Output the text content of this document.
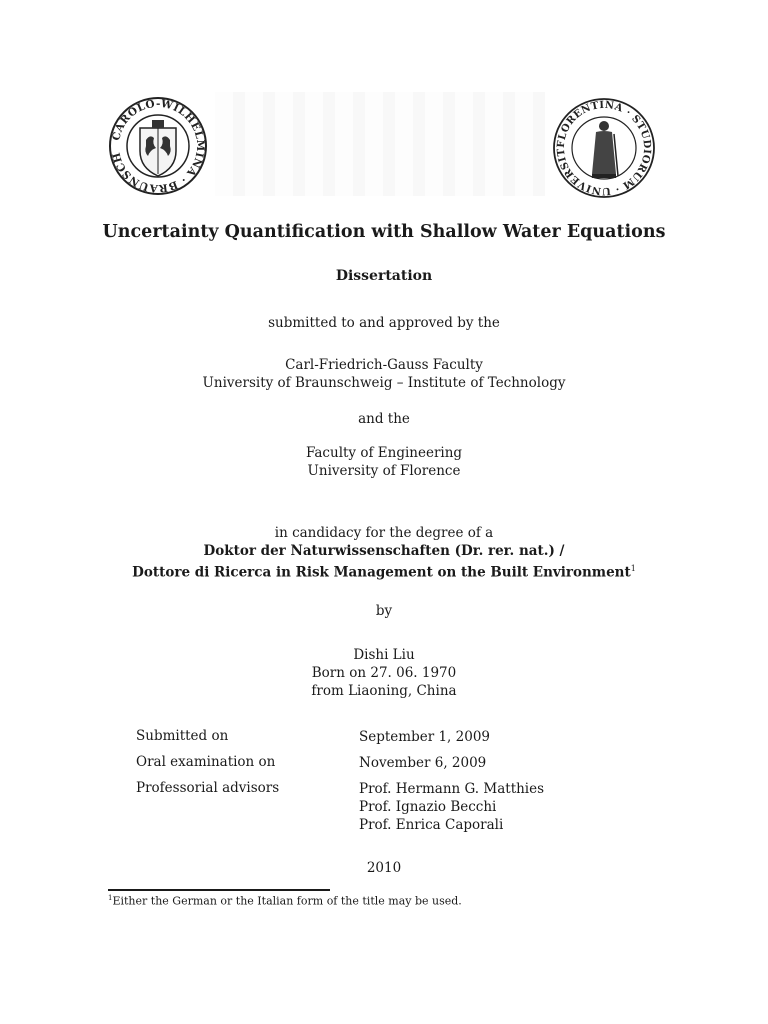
CAROLO-WILHELMINA · BRAUNSCH
FLORENTINA · STUDIORUM · UNIVERSIT
Uncertainty Quantification with Shallow Water Equations
Dissertation
submitted to and approved by the
Carl-Friedrich-Gauss Faculty
University of Braunschweig – Institute of Technology
and the
Faculty of Engineering
University of Florence
in candidacy for the degree of a
Doktor der Naturwissenschaften (Dr. rer. nat.) /
Dottore di Ricerca in Risk Management on the Built Environment$^1$
by
Dishi Liu
Born on 27. 06. 1970
from Liaoning, China
Submitted on	September 1, 2009
Oral examination on	November 6, 2009
Professorial advisors	Prof. Hermann G. Matthies
Prof. Ignazio Becchi
Prof. Enrica Caporali
2010
$^1$Either the German or the Italian form of the title may be used.
